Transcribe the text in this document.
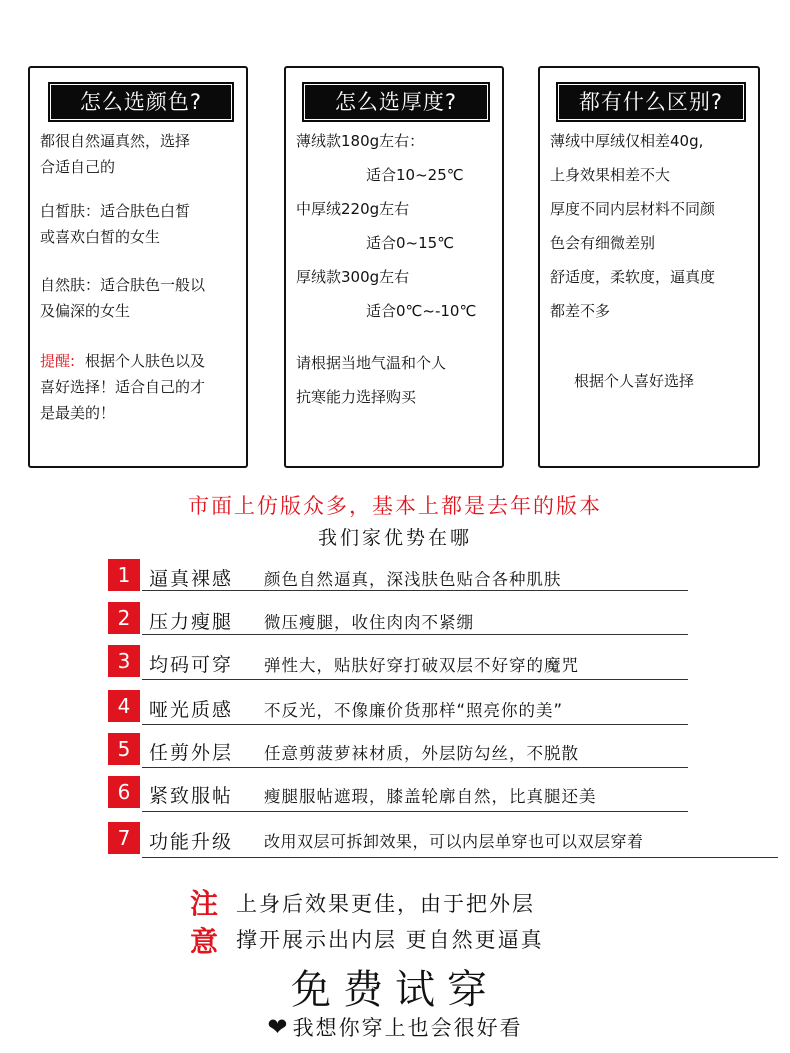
怎么选颜色?
都很自然逼真然，选择
合适自己的
白皙肤：适合肤色白皙
或喜欢白皙的女生
自然肤：适合肤色一般以
及偏深的女生
提醒: 根据个人肤色以及
喜好选择！适合自己的才
是最美的！
怎么选厚度?
薄绒款180g左右：
适合10~25℃
中厚绒220g左右
适合0~15℃
厚绒款300g左右
适合0℃~-10℃
请根据当地气温和个人
抗寒能力选择购买
都有什么区别?
薄绒中厚绒仅相差40g,
上身效果相差不大
厚度不同内层材料不同颜
色会有细微差别
舒适度，柔软度，逼真度
都差不多
根据个人喜好选择
市面上仿版众多，基本上都是去年的版本
我们家优势在哪
1 逼真裸感 颜色自然逼真，深浅肤色贴合各种肌肤
2 压力瘦腿 微压瘦腿，收住肉肉不紧绷
3 均码可穿 弹性大，贴肤好穿打破双层不好穿的魔咒
4 哑光质感 不反光，不像廉价货那样“照亮你的美”
5 任剪外层 任意剪菠萝袜材质，外层防勾丝，不脱散
6 紧致服帖 瘦腿服帖遮瑕，膝盖轮廓自然，比真腿还美
7 功能升级 改用双层可拆卸效果，可以内层单穿也可以双层穿着
注
意
上身后效果更佳，由于把外层
撑开展示出内层 更自然更逼真
免费试穿
❤ 我想你穿上也会很好看
